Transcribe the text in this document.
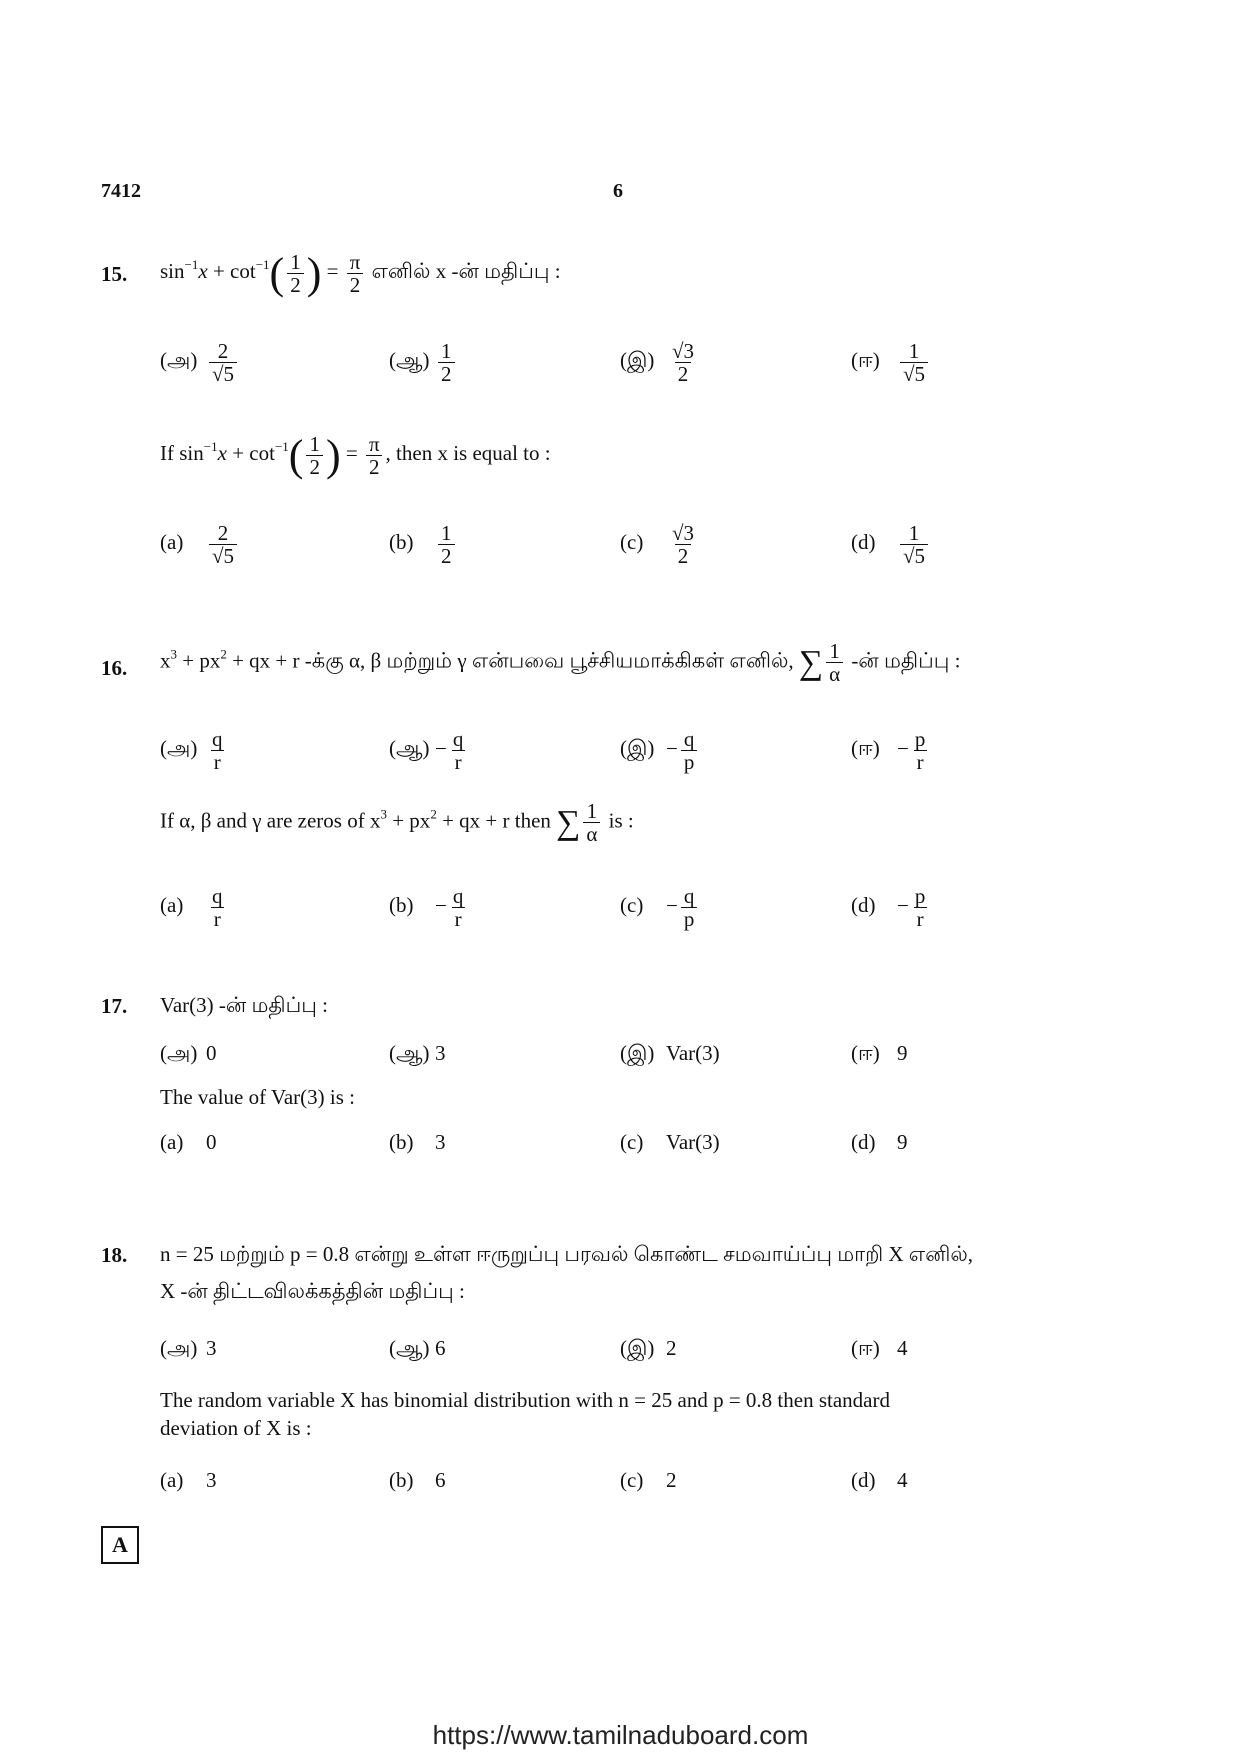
7412	6
15. $\sin^{-1}x + \cot^{-1}( \frac{1}{2}$ ) = $\frac{\pi}{2}$ எனில் x -ன் மதிப்பு :
(அ) $\frac{2}{√5}$	(ஆ) $\frac{1}{2}$	(இ) $\frac{√3}{2}$	(ஈ) $\frac{1}{√5}$
If $\sin^{-1}x + \cot^{-1}( \frac{1}{2}$ ) = $\frac{\pi}{2}$ , then x is equal to :
$(a) \frac{2}{√5}$	$(b) \frac{1}{2}$	$(c) \frac{√3}{2}$	$(d) \frac{1}{√5}$
16. $x^3 + px^2$ + qx + r -க்கு α, β மற்றும் γ என்பவை பூச்சியமாக்கிகள் எனில், ∑ $\frac{1}{\alpha}$ -ன் மதிப்பு :
(அ) $\frac{q}{r}$	(ஆ) − $\frac{q}{r}$	(இ) − $\frac{q}{p}$	(ஈ) − $\frac{p}{r}$
If α, β and γ are zeros of $x^3 + px^2$ + qx + r then ∑ $\frac{1}{\alpha}$ is :
$(a) \frac{q}{r}$	$(b) - \frac{q}{r}$	$(c) - \frac{q}{p}$	$(d) - \frac{p}{r}$
17. Var(3) -ன் மதிப்பு :
(அ) 0	(ஆ) 3	(இ) Var(3)	(ஈ) 9
The value of Var(3) is :
(a) 0	(b) 3	(c) Var(3)	(d) 9
18. n = 25 மற்றும் p = 0.8 என்று உள்ள ஈருறுப்பு பரவல் கொண்ட சமவாய்ப்பு மாறி X எனில்,
X -ன் திட்டவிலக்கத்தின் மதிப்பு :
(அ) 3	(ஆ) 6	(இ) 2	(ஈ) 4
The random variable X has binomial distribution with n = 25 and p = 0.8 then standard
deviation of X is :
(a) 3	(b) 6	(c) 2	(d) 4
A
https://www.tamilnaduboard.com
